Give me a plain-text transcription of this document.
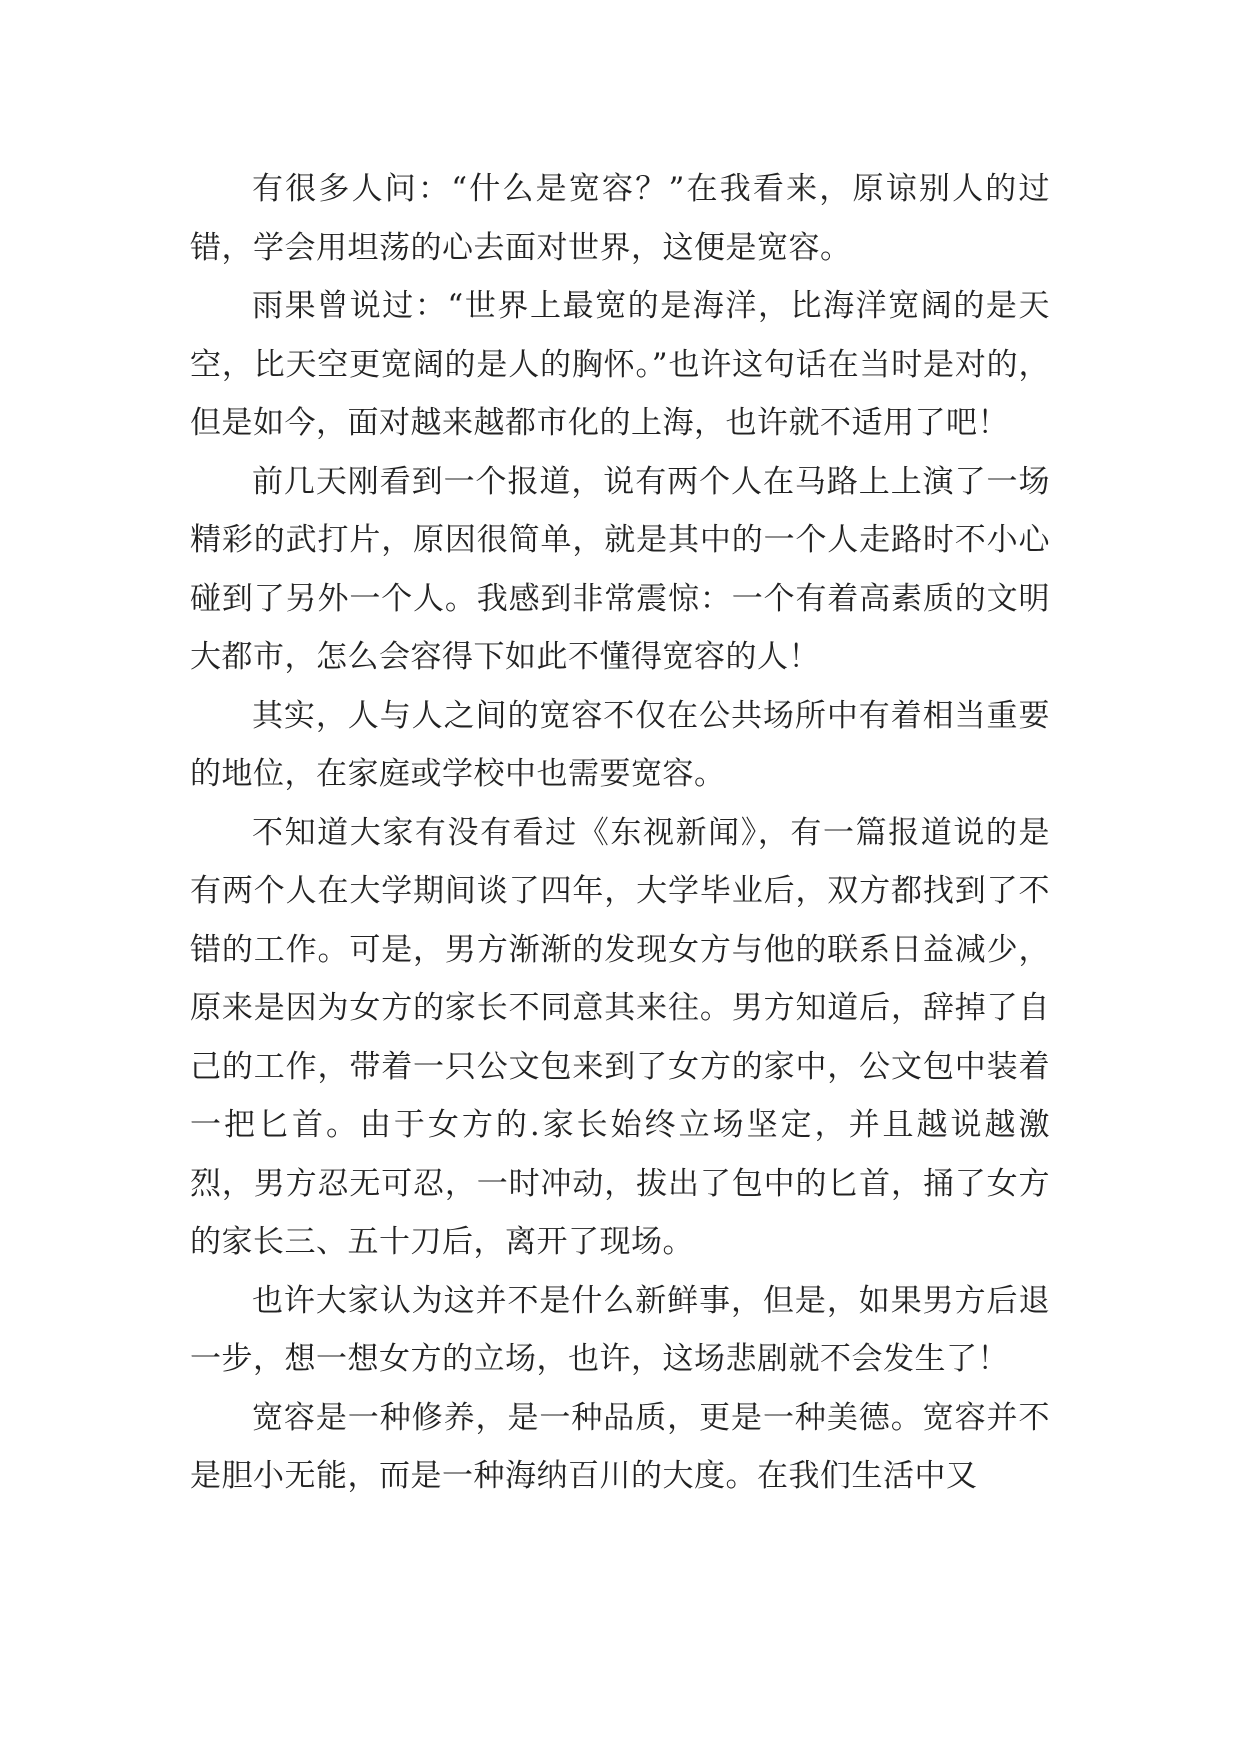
有很多人问：“什么是宽容？”在我看来，原谅别人的过错，学会用坦荡的心去面对世界，这便是宽容。

雨果曾说过：“世界上最宽的是海洋，比海洋宽阔的是天空，比天空更宽阔的是人的胸怀。”也许这句话在当时是对的，但是如今，面对越来越都市化的上海，也许就不适用了吧！

前几天刚看到一个报道，说有两个人在马路上上演了一场精彩的武打片，原因很简单，就是其中的一个人走路时不小心碰到了另外一个人。我感到非常震惊：一个有着高素质的文明大都市，怎么会容得下如此不懂得宽容的人！

其实，人与人之间的宽容不仅在公共场所中有着相当重要的地位，在家庭或学校中也需要宽容。

不知道大家有没有看过《东视新闻》，有一篇报道说的是有两个人在大学期间谈了四年，大学毕业后，双方都找到了不错的工作。可是，男方渐渐的发现女方与他的联系日益减少，原来是因为女方的家长不同意其来往。男方知道后，辞掉了自己的工作，带着一只公文包来到了女方的家中，公文包中装着一把匕首。由于女方的.家长始终立场坚定，并且越说越激烈，男方忍无可忍，一时冲动，拔出了包中的匕首，捅了女方的家长三、五十刀后，离开了现场。

也许大家认为这并不是什么新鲜事，但是，如果男方后退一步，想一想女方的立场，也许，这场悲剧就不会发生了！

宽容是一种修养，是一种品质，更是一种美德。宽容并不是胆小无能，而是一种海纳百川的大度。在我们生活中又
